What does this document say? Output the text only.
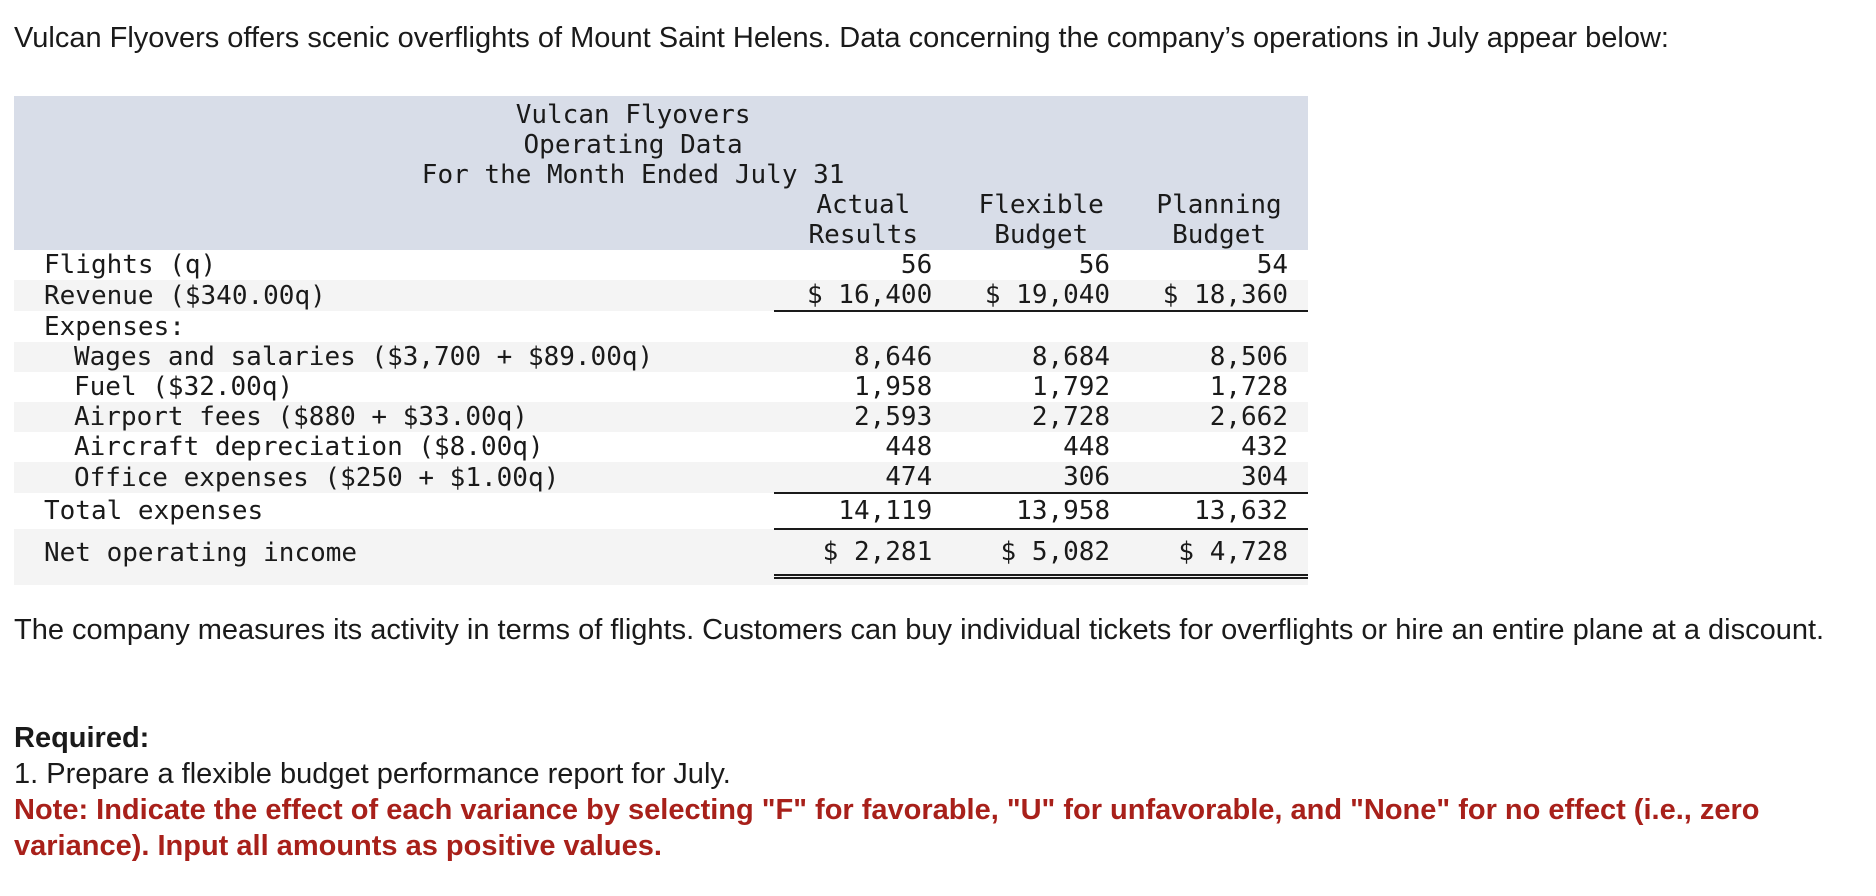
Vulcan Flyovers offers scenic overflights of Mount Saint Helens. Data concerning the company’s operations in July appear below:

Vulcan Flyovers			
Operating Data			
For the Month Ended July 31			
	Actual	Flexible	Planning
	Results	Budget	Budget
Flights (q)	56	56	54
Revenue ($340.00q)	$ 16,400	$ 19,040	$ 18,360
Expenses:			
Wages and salaries ($3,700 + $89.00q)	8,646	8,684	8,506
Fuel ($32.00q)	1,958	1,792	1,728
Airport fees ($880 + $33.00q)	2,593	2,728	2,662
Aircraft depreciation ($8.00q)	448	448	432
Office expenses ($250 + $1.00q)	474	306	304
Total expenses	14,119	13,958	13,632
Net operating income	$ 2,281	$ 5,082	$ 4,728

The company measures its activity in terms of flights. Customers can buy individual tickets for overflights or hire an entire plane at a discount.

Required:

1. Prepare a flexible budget performance report for July.

Note: Indicate the effect of each variance by selecting "F" for favorable, "U" for unfavorable, and "None" for no effect (i.e., zero variance). Input all amounts as positive values.
